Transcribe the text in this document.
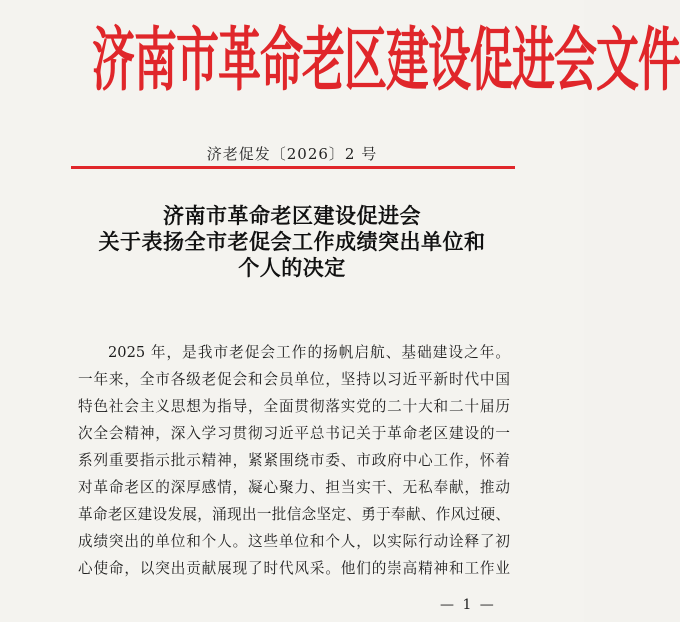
济南市革命老区建设促进会文件
济老促发〔2026〕2 号
济南市革命老区建设促进会
关于表扬全市老促会工作成绩突出单位和
个人的决定
2025 年，是我市老促会工作的扬帆启航、基础建设之年。
一年来，全市各级老促会和会员单位，坚持以习近平新时代中国
特色社会主义思想为指导，全面贯彻落实党的二十大和二十届历
次全会精神，深入学习贯彻习近平总书记关于革命老区建设的一
系列重要指示批示精神，紧紧围绕市委、市政府中心工作，怀着
对革命老区的深厚感情，凝心聚力、担当实干、无私奉献，推动
革命老区建设发展，涌现出一批信念坚定、勇于奉献、作风过硬、
成绩突出的单位和个人。这些单位和个人，以实际行动诠释了初
心使命，以突出贡献展现了时代风采。他们的崇高精神和工作业
— 1 —
